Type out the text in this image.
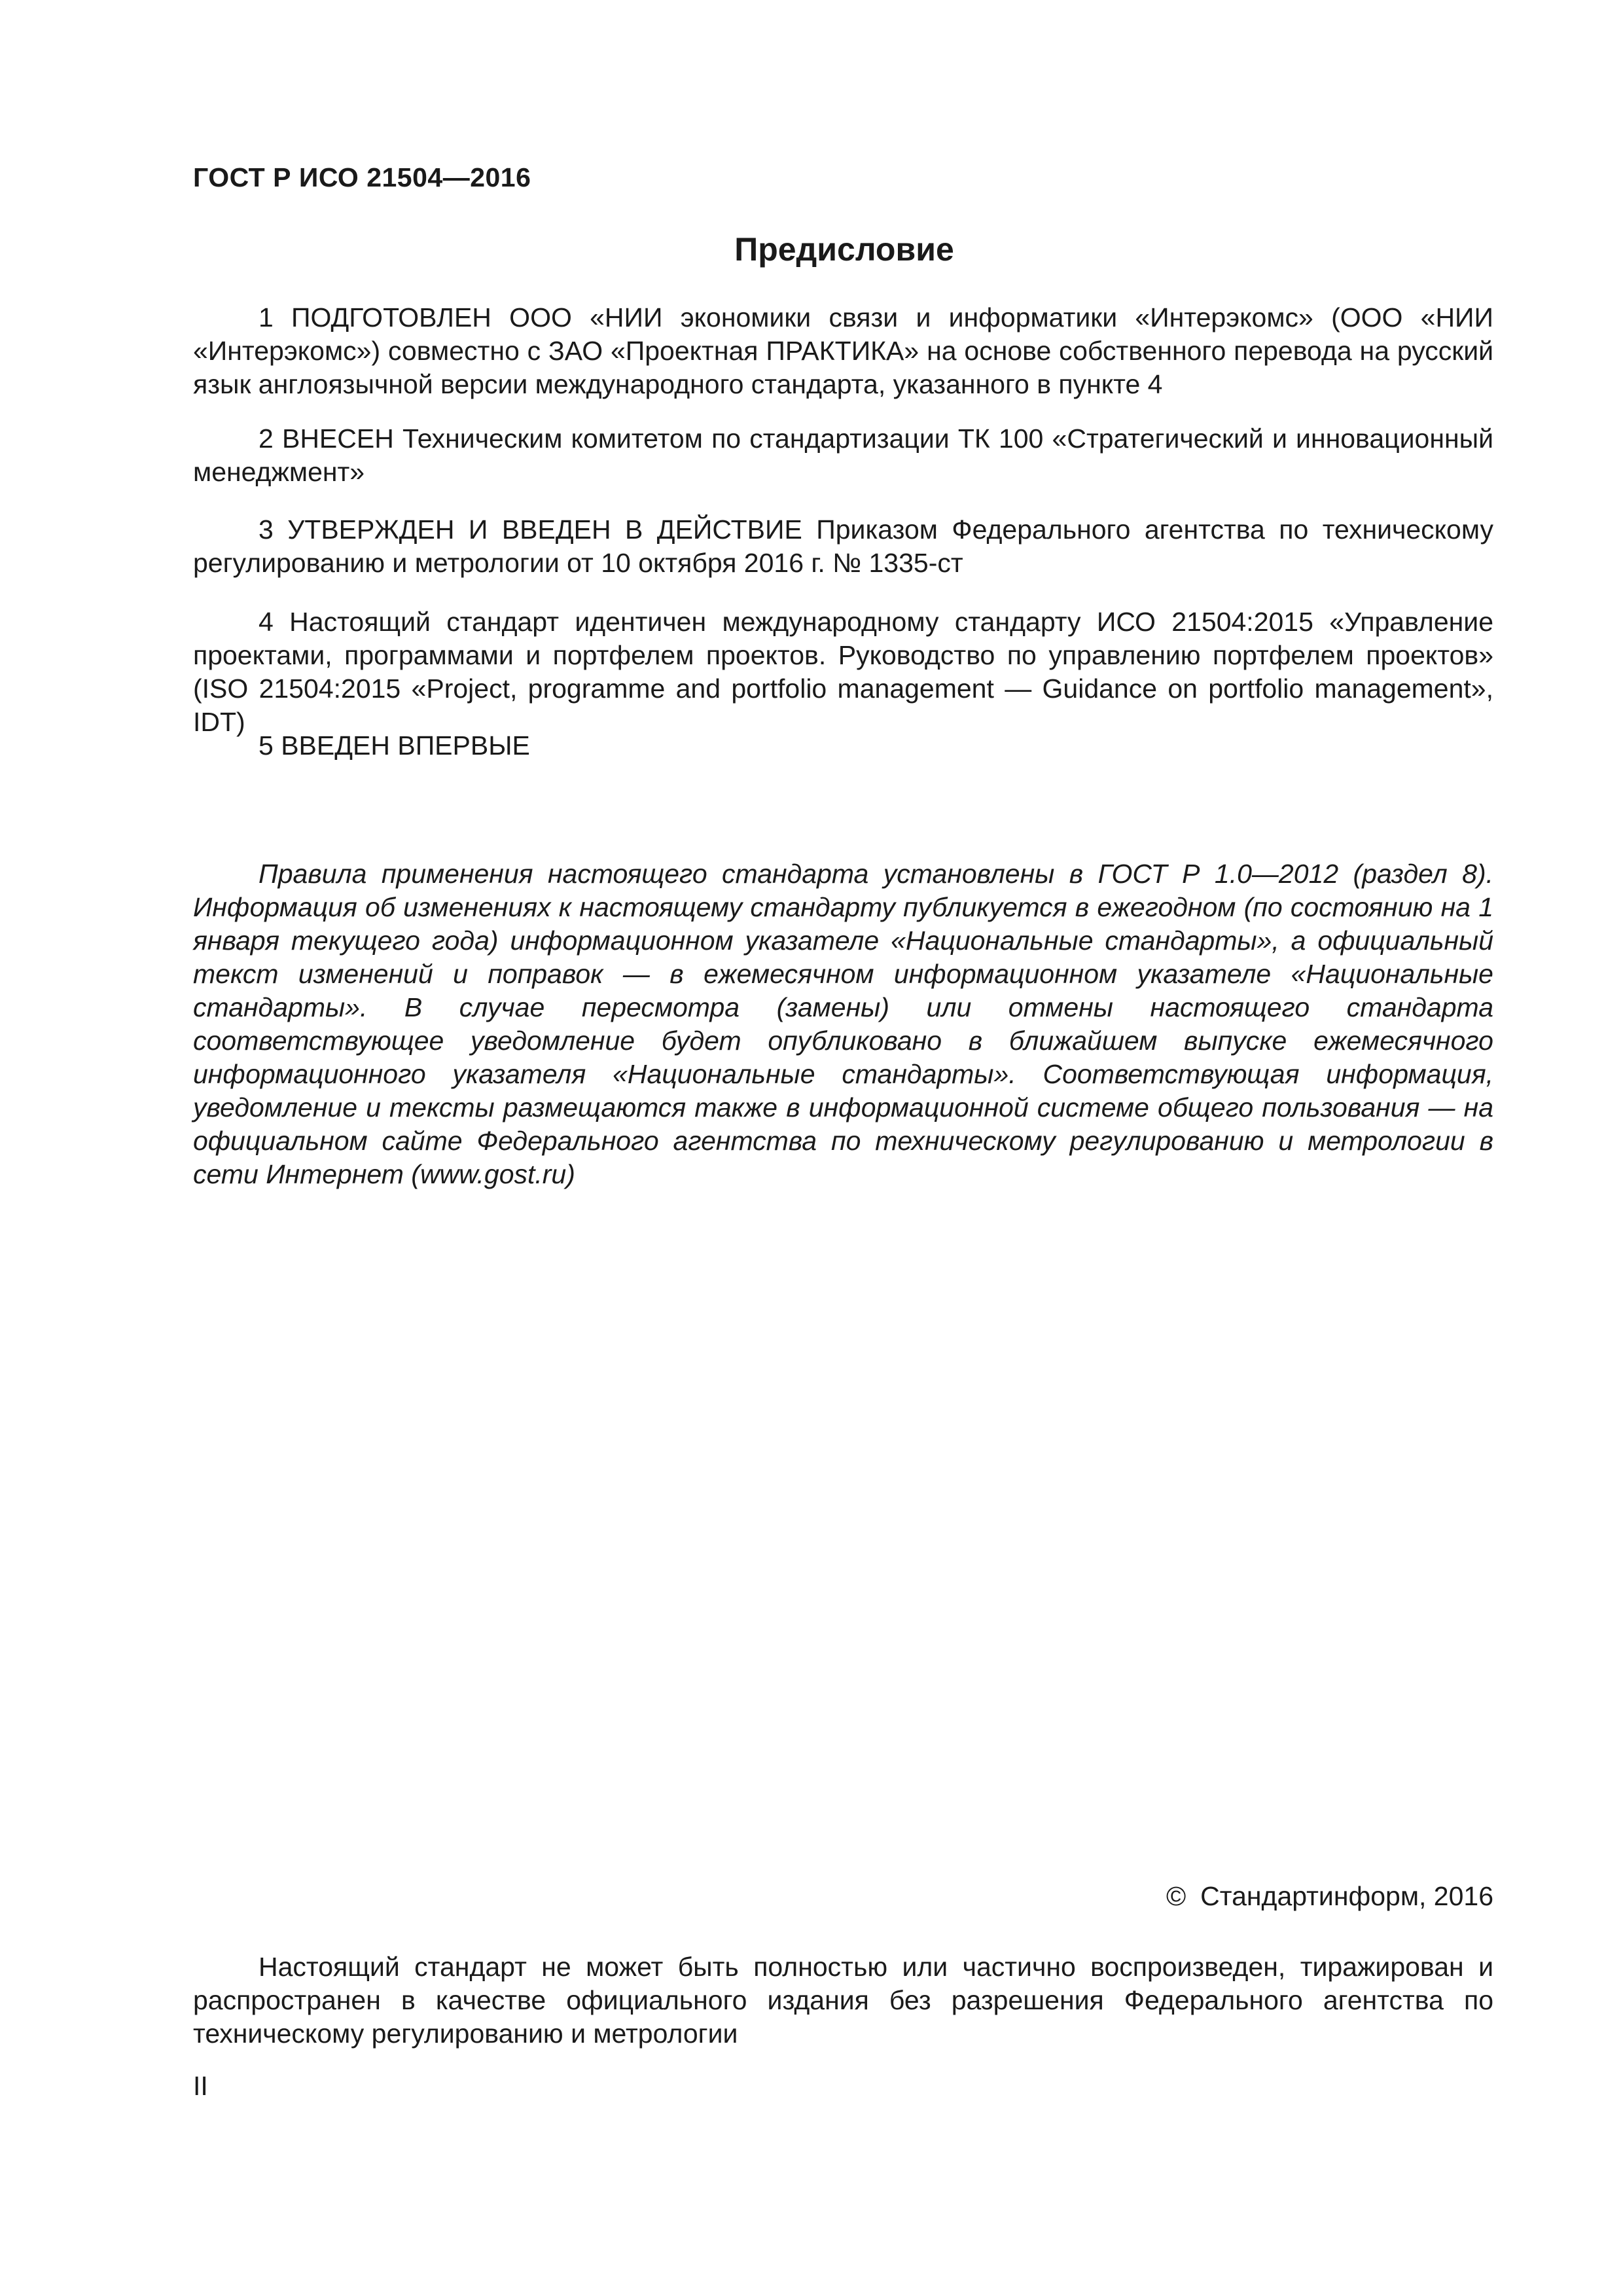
ГОСТ Р ИСО 21504—2016
Предисловие

1 ПОДГОТОВЛЕН ООО «НИИ экономики связи и информатики «Интерэкомс» (ООО «НИИ «Интерэкомс») совместно с ЗАО «Проектная ПРАКТИКА» на основе собственного перевода на русский язык англоязычной версии международного стандарта, указанного в пункте 4

2 ВНЕСЕН Техническим комитетом по стандартизации ТК 100 «Стратегический и инновационный менеджмент»

3 УТВЕРЖДЕН И ВВЕДЕН В ДЕЙСТВИЕ Приказом Федерального агентства по техническому регулированию и метрологии от 10 октября 2016 г. № 1335-ст

4 Настоящий стандарт идентичен международному стандарту ИСО 21504:2015 «Управление проектами, программами и портфелем проектов. Руководство по управлению портфелем проектов» (ISO 21504:2015 «Project, programme and portfolio management — Guidance on portfolio management», IDT)

5 ВВЕДЕН ВПЕРВЫЕ

Правила применения настоящего стандарта установлены в ГОСТ Р 1.0—2012 (раздел 8). Информация об изменениях к настоящему стандарту публикуется в ежегодном (по состоянию на 1 января текущего года) информационном указателе «Национальные стандарты», а официальный текст изменений и поправок — в ежемесячном информационном указателе «Национальные стандарты». В случае пересмотра (замены) или отмены настоящего стандарта соответствующее уведомление будет опубликовано в ближайшем выпуске ежемесячного информационного указателя «Национальные стандарты». Соответствующая информация, уведомление и тексты размещаются также в информационной системе общего пользования — на официальном сайте Федерального агентства по техническому регулированию и метрологии в сети Интернет (www.gost.ru)

© Стандартинформ, 2016

Настоящий стандарт не может быть полностью или частично воспроизведен, тиражирован и распространен в качестве официального издания без разрешения Федерального агентства по техническому регулированию и метрологии

II
